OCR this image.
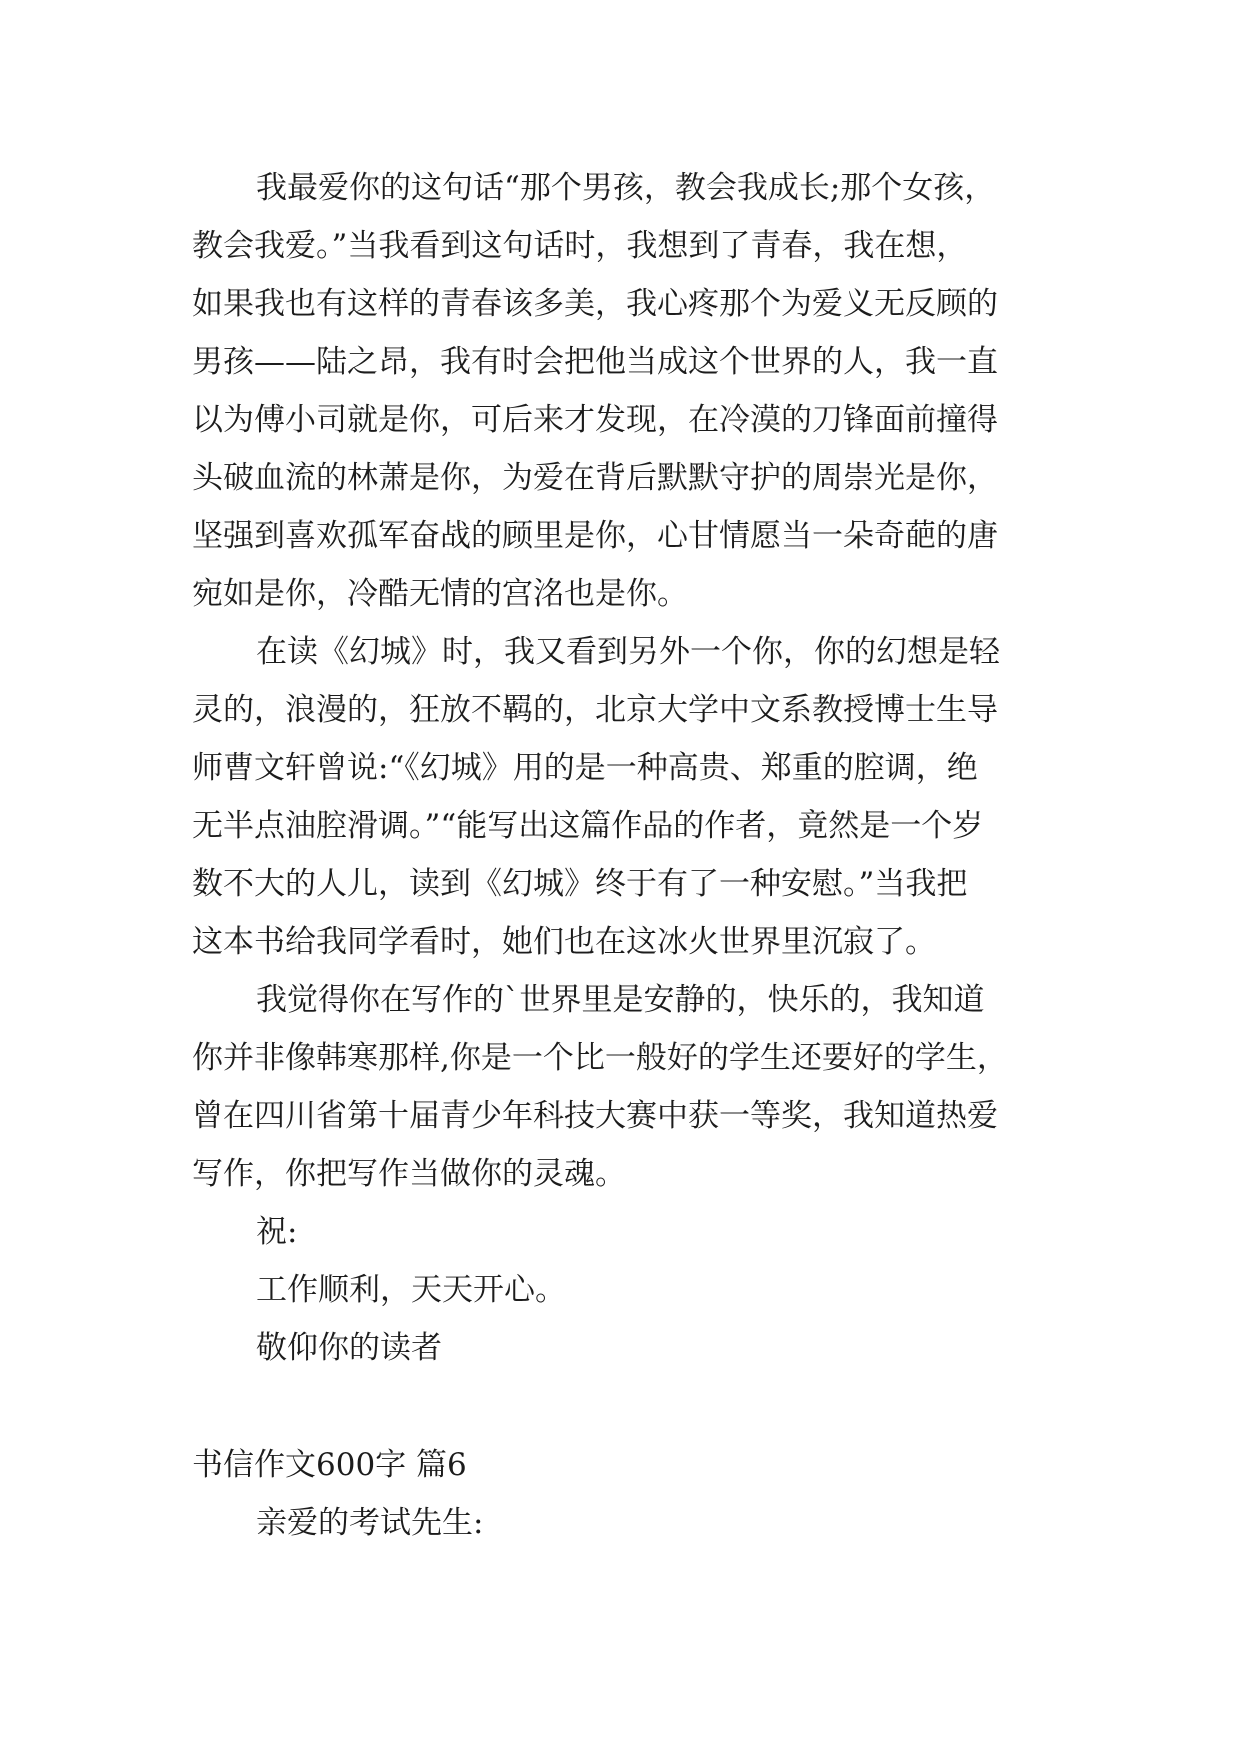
我最爱你的这句话“那个男孩，教会我成长;那个女孩，

教会我爱。”当我看到这句话时，我想到了青春，我在想，

如果我也有这样的青春该多美，我心疼那个为爱义无反顾的

男孩——陆之昂，我有时会把他当成这个世界的人，我一直

以为傅小司就是你，可后来才发现，在冷漠的刀锋面前撞得

头破血流的林萧是你，为爱在背后默默守护的周崇光是你，

坚强到喜欢孤军奋战的顾里是你，心甘情愿当一朵奇葩的唐

宛如是你，冷酷无情的宫洺也是你。

在读《幻城》时，我又看到另外一个你，你的幻想是轻

灵的，浪漫的，狂放不羁的，北京大学中文系教授博士生导

师曹文轩曾说:“《幻城》用的是一种高贵、郑重的腔调，绝

无半点油腔滑调。”“能写出这篇作品的作者，竟然是一个岁

数不大的人儿，读到《幻城》终于有了一种安慰。”当我把

这本书给我同学看时，她们也在这冰火世界里沉寂了。

我觉得你在写作的`世界里是安静的，快乐的，我知道

你并非像韩寒那样,你是一个比一般好的学生还要好的学生，

曾在四川省第十届青少年科技大赛中获一等奖，我知道热爱

写作，你把写作当做你的灵魂。

祝:

工作顺利，天天开心。

敬仰你的读者

书信作文600字 篇6

亲爱的考试先生:
